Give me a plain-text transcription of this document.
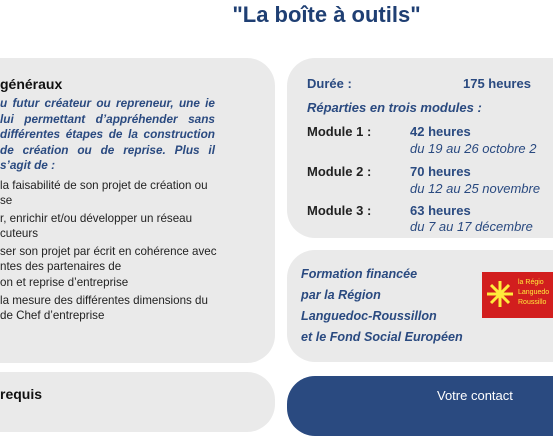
"La boîte à outils"
généraux

u futur créateur ou repreneur, une ie lui permettant d’appréhender sans différentes étapes de la construction de création ou de reprise. Plus il s’agit de :

la faisabilité de son projet de création ou
se
r, enrichir et/ou développer un réseau
cuteurs
ser son projet par écrit en cohérence avec
ntes des partenaires de
on et reprise d’entreprise
la mesure des différentes dimensions du
de Chef d’entreprise
Durée :	175 heures
Réparties en trois modules :
Module 1 :	42 heures
du 19 au 26 octobre 2
Module 2 :	70 heures
du 12 au 25 novembre
Module 3 :	63 heures
du 7 au 17 décembre

Formation financée
par la Région
Languedoc-Roussillon
et le Fond Social Européen

la Régio
Languedo
Roussillo
requis	Votre contact
